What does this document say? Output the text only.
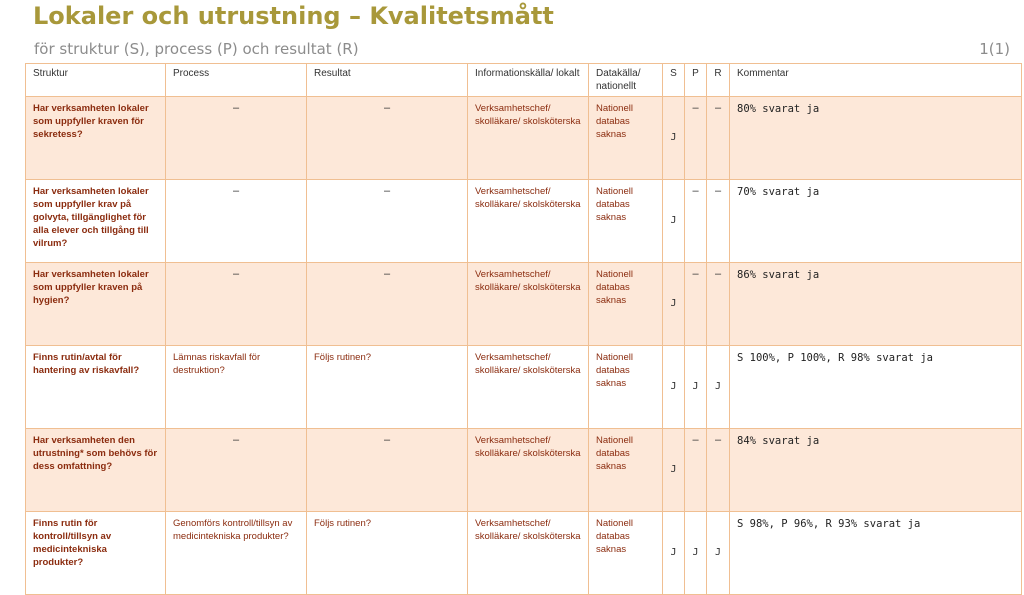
Lokaler och utrustning – Kvalitetsmått
för struktur (S), process (P) och resultat (R)	1(1)
Struktur	Process	Resultat	Informationskälla/ lokalt	Datakälla/ nationellt	S	P	R	Kommentar
Har verksamheten lokaler som uppfyller kraven för sekretess?	–	–	Verksamhetschef/ skolläkare/ skolsköterska	Nationell databas saknas	J	–	–	80% svarat ja
Har verksamheten lokaler som uppfyller krav på golvyta, tillgänglighet för alla elever och tillgång till vilrum?	–	–	Verksamhetschef/ skolläkare/ skolsköterska	Nationell databas saknas	J	–	–	70% svarat ja
Har verksamheten lokaler som uppfyller kraven på hygien?	–	–	Verksamhetschef/ skolläkare/ skolsköterska	Nationell databas saknas	J	–	–	86% svarat ja
Finns rutin/avtal för hantering av riskavfall?	Lämnas riskavfall för destruktion?	Följs rutinen?	Verksamhetschef/ skolläkare/ skolsköterska	Nationell databas saknas	J	J	J	S 100%, P 100%, R 98% svarat ja
Har verksamheten den utrustning* som behövs för dess omfattning?	–	–	Verksamhetschef/ skolläkare/ skolsköterska	Nationell databas saknas	J	–	–	84% svarat ja
Finns rutin för kontroll/tillsyn av medicintekniska produkter?	Genomförs kontroll/tillsyn av medicintekniska produkter?	Följs rutinen?	Verksamhetschef/ skolläkare/ skolsköterska	Nationell databas saknas	J	J	J	S 98%, P 96%, R 93% svarat ja
